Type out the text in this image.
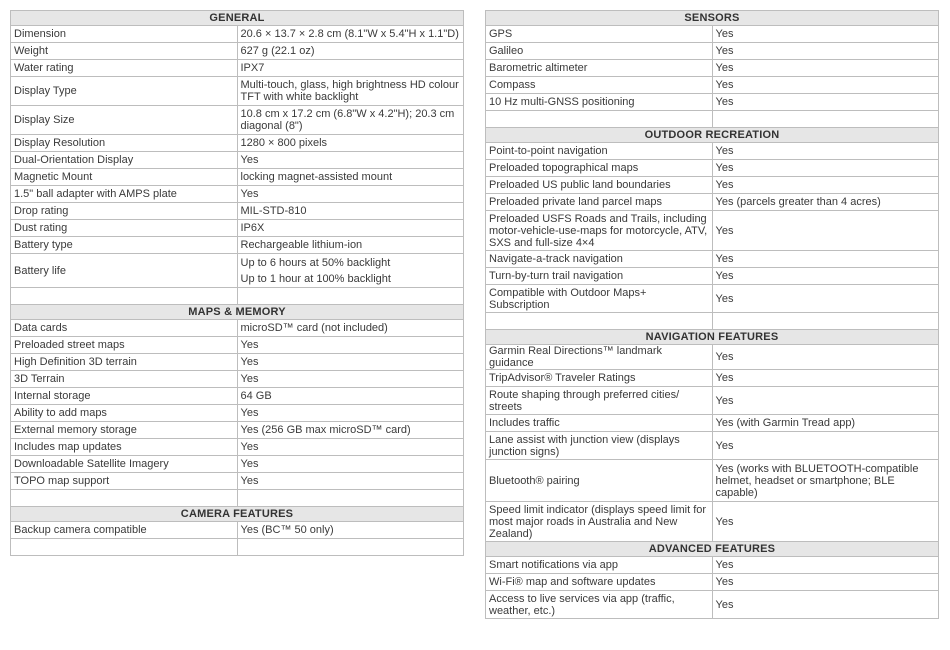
GENERAL	
Dimension	20.6 × 13.7 × 2.8 cm (8.1"W x 5.4"H x 1.1"D)
Weight	627 g (22.1 oz)
Water rating	IPX7
Display Type	Multi-touch, glass, high brightness HD colour TFT with white backlight
Display Size	10.8 cm x 17.2 cm (6.8"W x 4.2"H); 20.3 cm diagonal (8")
Display Resolution	1280 × 800 pixels
Dual-Orientation Display	Yes
Magnetic Mount	locking magnet-assisted mount
1.5" ball adapter with AMPS plate	Yes
Drop rating	MIL-STD-810
Dust rating	IP6X
Battery type	Rechargeable lithium-ion
Battery life	Up to 6 hours at 50% backlight
Up to 1 hour at 100% backlight

MAPS & MEMORY	
Data cards	microSD™ card (not included)
Preloaded street maps	Yes
High Definition 3D terrain	Yes
3D Terrain	Yes
Internal storage	64 GB
Ability to add maps	Yes
External memory storage	Yes (256 GB max microSD™ card)
Includes map updates	Yes
Downloadable Satellite Imagery	Yes
TOPO map support	Yes

CAMERA FEATURES	
Backup camera compatible	Yes (BC™ 50 only)

SENSORS	
GPS	Yes
Galileo	Yes
Barometric altimeter	Yes
Compass	Yes
10 Hz multi-GNSS positioning	Yes

OUTDOOR RECREATION	
Point-to-point navigation	Yes
Preloaded topographical maps	Yes
Preloaded US public land boundaries	Yes
Preloaded private land parcel maps	Yes (parcels greater than 4 acres)
Preloaded USFS Roads and Trails, including motor-vehicle-use-maps for motorcycle, ATV, SXS and full-size 4×4	Yes
Navigate-a-track navigation	Yes
Turn-by-turn trail navigation	Yes
Compatible with Outdoor Maps+ Subscription	Yes

NAVIGATION FEATURES	
Garmin Real Directions™ landmark guidance	Yes
TripAdvisor® Traveler Ratings	Yes
Route shaping through preferred cities/ streets	Yes
Includes traffic	Yes (with Garmin Tread app)
Lane assist with junction view (displays junction signs)	Yes
Bluetooth® pairing	Yes (works with BLUETOOTH-compatible helmet, headset or smartphone; BLE capable)
Speed limit indicator (displays speed limit for most major roads in Australia and New Zealand)	Yes
ADVANCED FEATURES	
Smart notifications via app	Yes
Wi-Fi® map and software updates	Yes
Access to live services via app (traffic, weather, etc.)	Yes
